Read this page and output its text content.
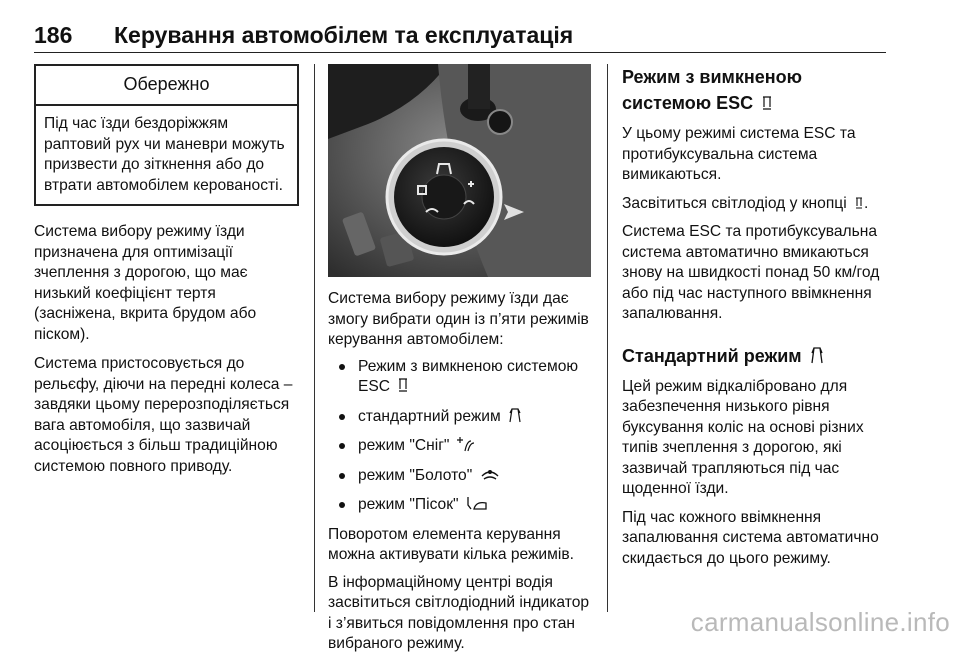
186	Керування автомобілем та експлуатація
Обережно
Під час їзди бездоріжжям раптовий рух чи маневри можуть призвести до зіткнення або до втрати автомобілем керованості.

Система вибору режиму їзди призначена для оптимізації зчеплення з дорогою, що має низький коефіцієнт тертя (засніжена, вкрита брудом або піском).

Система пристосовується до рельєфу, діючи на передні колеса – завдяки цьому перерозподіляється вага автомобіля, що зазвичай асоціюється з більш традиційною системою повного приводу.

Система вибору режиму їзди дає змогу вибрати один із п’яти режимів керування автомобілем:

Режим з вимкненою системою ESC
стандартний режим
режим "Сніг"
режим "Болото"
режим "Пісок"

Поворотом елемента керування можна активувати кілька режимів.

В інформаційному центрі водія засвітиться світлодіодний індикатор і з’явиться повідомлення про стан вибраного режиму.

Режим з вимкненою системою ESC

У цьому режимі система ESC та протибуксувальна система вимикаються.

Засвітиться світлодіод у кнопці .

Система ESC та протибуксувальна система автоматично вмикаються знову на швидкості понад 50 км/год або під час наступного ввімкнення запалювання.

Стандартний режим

Цей режим відкалібровано для забезпечення низького рівня буксування коліс на основі різних типів зчеплення з дорогою, які зазвичай трапляються під час щоденної їзди.

Під час кожного ввімкнення запалювання система автоматично скидається до цього режиму.

carmanualsonline.info
